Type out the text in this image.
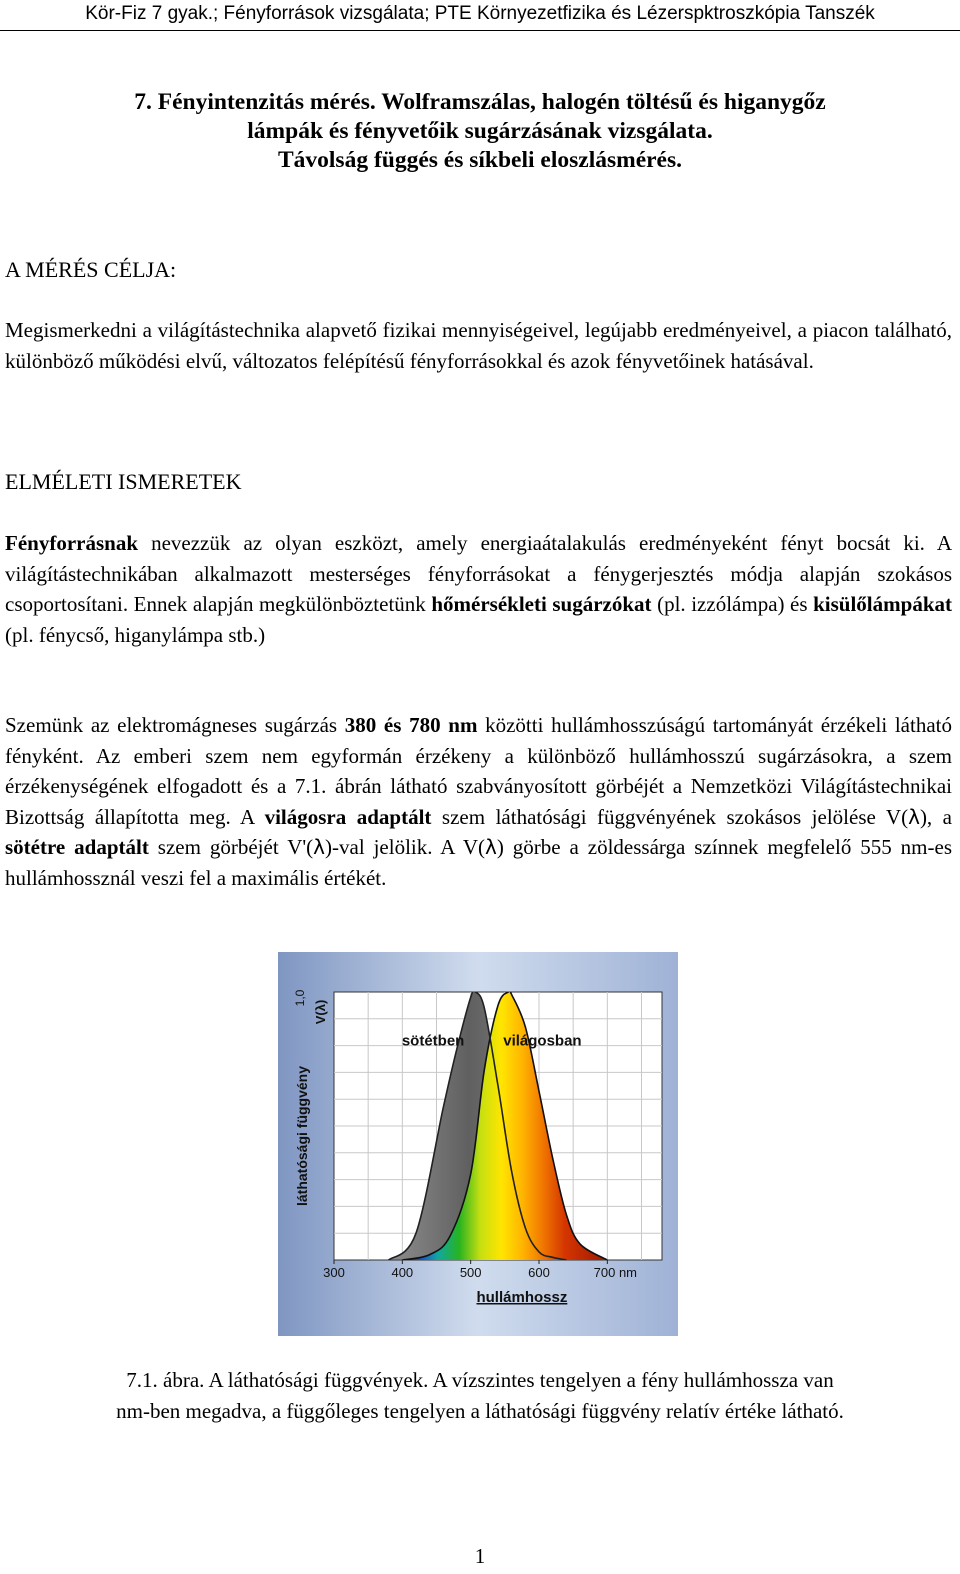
Kör-Fiz 7 gyak.; Fényforrások vizsgálata; PTE Környezetfizika és Lézerspktroszkópia Tanszék
7. Fényintenzitás mérés. Wolframszálas, halogén töltésű és higanygőz
lámpák és fényvetőik sugárzásának vizsgálata.
Távolság függés és síkbeli eloszlásmérés.
A MÉRÉS CÉLJA:
Megismerkedni a világítástechnika alapvető fizikai mennyiségeivel, legújabb eredményeivel, a piacon található, különböző működési elvű, változatos felépítésű fényforrásokkal és azok fényvetőinek hatásával.
ELMÉLETI ISMERETEK
Fényforrásnak nevezzük az olyan eszközt, amely energiaátalakulás eredményeként fényt bocsát ki. A világítástechnikában alkalmazott mesterséges fényforrásokat a fénygerjesztés módja alapján szokásos csoportosítani. Ennek alapján megkülönböztetünk hőmérsékleti sugárzókat (pl. izzólámpa) és kisülőlámpákat (pl. fénycső, higanylámpa stb.)
Szemünk az elektromágneses sugárzás 380 és 780 nm közötti hullámhosszúságú tartományát érzékeli látható fényként. Az emberi szem nem egyformán érzékeny a különböző hullámhosszú sugárzásokra, a szem érzékenységének elfogadott és a 7.1. ábrán látható szabványosított görbéjét a Nemzetközi Világítástechnikai Bizottság állapította meg. A világosra adaptált szem láthatósági függvényének szokásos jelölése V(λ), a sötétre adaptált szem görbéjét V'(λ)-val jelölik. A V(λ) görbe a zöldessárga színnek megfelelő 555 nm-es hullámhossznál veszi fel a maximális értékét.
300	400	500	600	700 nm
láthatósági függvény
V(λ)
1,0
hullámhossz
sötétben	világosban
7.1. ábra. A láthatósági függvények. A vízszintes tengelyen a fény hullámhossza van
nm-ben megadva, a függőleges tengelyen a láthatósági függvény relatív értéke látható.
1
